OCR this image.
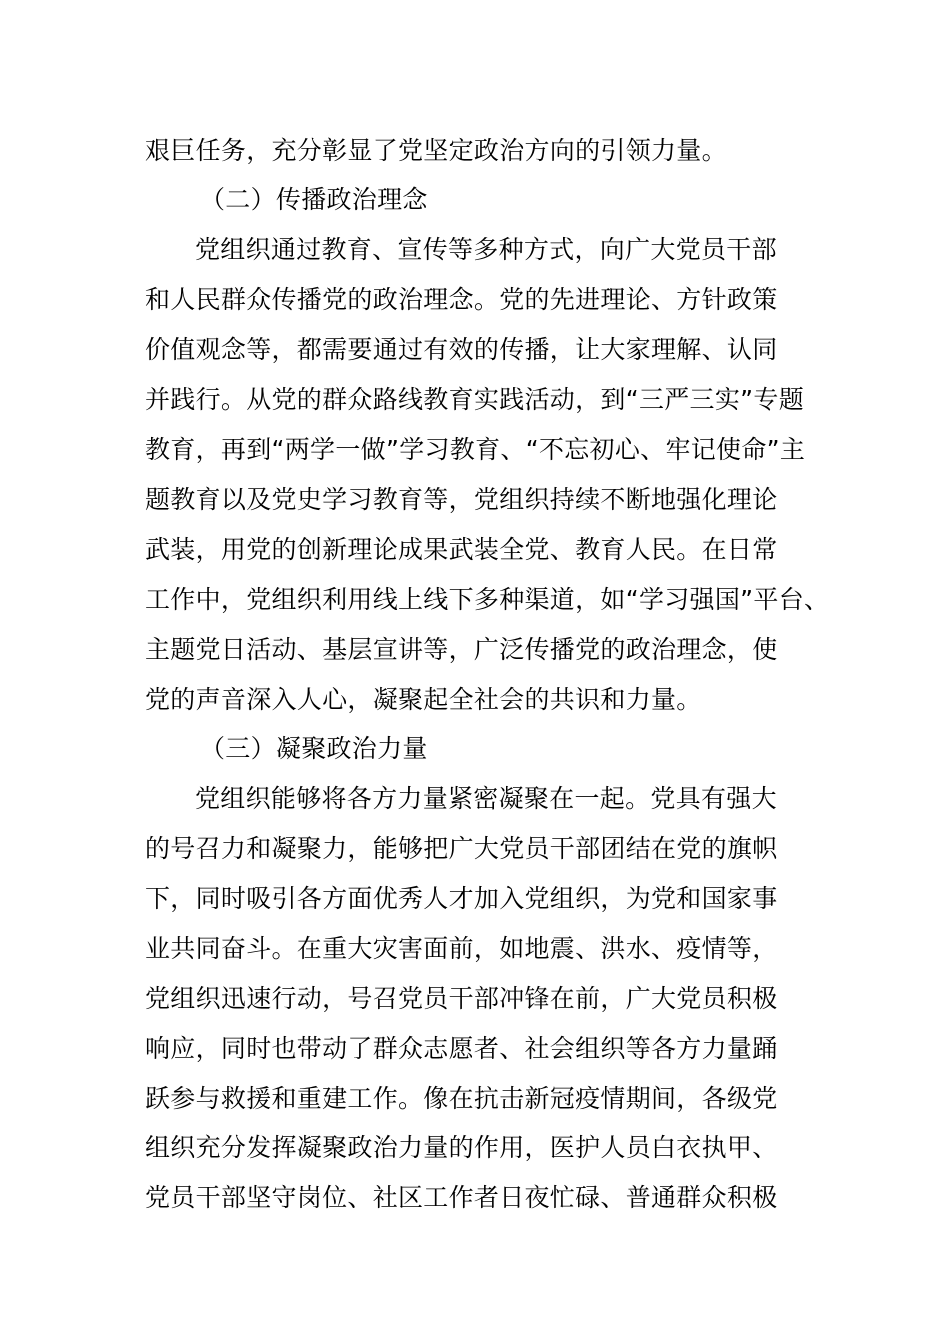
艰巨任务，充分彰显了党坚定政治方向的引领力量。
（二）传播政治理念
党组织通过教育、宣传等多种方式，向广大党员干部
和人民群众传播党的政治理念。党的先进理论、方针政策
价值观念等，都需要通过有效的传播，让大家理解、认同
并践行。从党的群众路线教育实践活动，到“三严三实”专题
教育，再到“两学一做”学习教育、“不忘初心、牢记使命”主
题教育以及党史学习教育等，党组织持续不断地强化理论
武装，用党的创新理论成果武装全党、教育人民。在日常
工作中，党组织利用线上线下多种渠道，如“学习强国”平台、
主题党日活动、基层宣讲等，广泛传播党的政治理念，使
党的声音深入人心，凝聚起全社会的共识和力量。
（三）凝聚政治力量
党组织能够将各方力量紧密凝聚在一起。党具有强大
的号召力和凝聚力，能够把广大党员干部团结在党的旗帜
下，同时吸引各方面优秀人才加入党组织，为党和国家事
业共同奋斗。在重大灾害面前，如地震、洪水、疫情等，
党组织迅速行动，号召党员干部冲锋在前，广大党员积极
响应，同时也带动了群众志愿者、社会组织等各方力量踊
跃参与救援和重建工作。像在抗击新冠疫情期间，各级党
组织充分发挥凝聚政治力量的作用，医护人员白衣执甲、
党员干部坚守岗位、社区工作者日夜忙碌、普通群众积极
